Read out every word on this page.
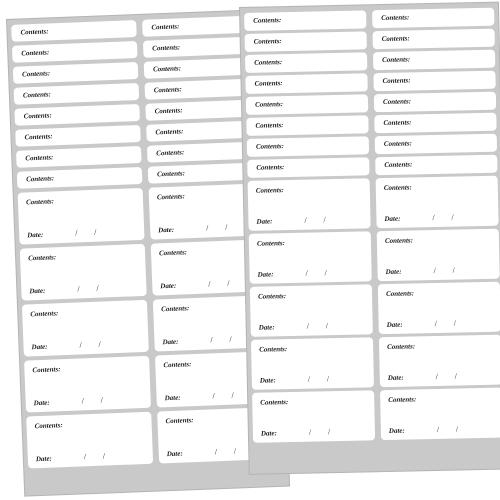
Contents:
Contents:
Contents:
Contents:
Contents:
Contents:
Contents:
Contents:
Contents:
Contents:
Contents:
Contents:
Contents:
Contents:
Contents:
Contents:
Contents:
Date:	/ /
Contents:
Date:	/ /
Contents:
Date:	/ /
Contents:
Date:	/ /
Contents:
Date:	/ /
Contents:
Date:	/ /
Contents:
Date:	/ /
Contents:
Date:	/ /
Contents:
Date:	/ /
Contents:
Date:	/ /
Contents:	Contents:
Contents:	Contents:
Contents:	Contents:
Contents:	Contents:
Contents:	Contents:
Contents:	Contents:
Contents:	Contents:
Contents:	Contents:
Contents:
Date:	/ /
Contents:
Date:	/ /
Contents:
Date:	/ /
Contents:
Date:	/ /
Contents:
Date:	/ /
Contents:
Date:	/ /
Contents:
Date:	/ /
Contents:
Date:	/ /
Contents:
Date:	/ /
Contents:
Date:	/ /
